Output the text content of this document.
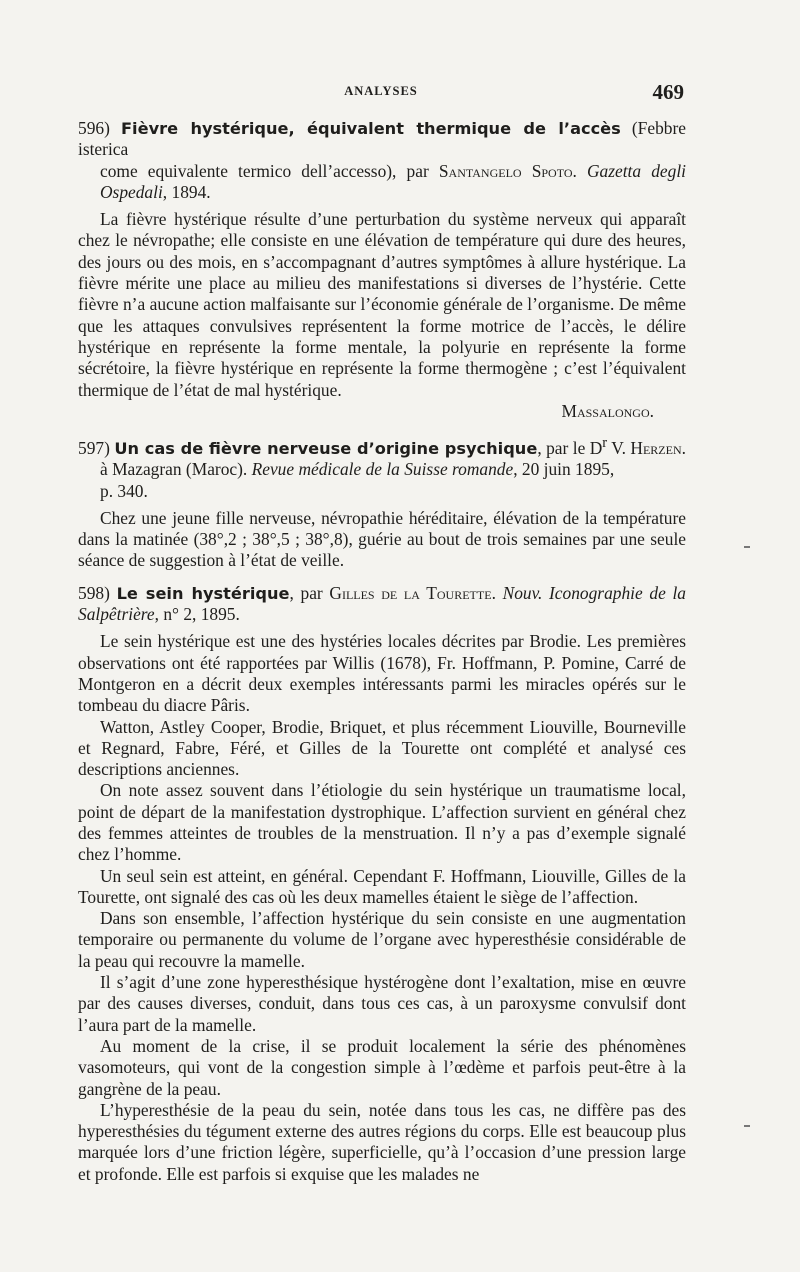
ANALYSES	469

596) Fièvre hystérique, équivalent thermique de l’accès (Febbre isterica

come equivalente termico dell’accesso), par Santangelo Spoto. Gazetta degli Ospedali, 1894.

La fièvre hystérique résulte d’une perturbation du système nerveux qui apparaît chez le névropathe; elle consiste en une élévation de température qui dure des heures, des jours ou des mois, en s’accompagnant d’autres symptômes à allure hystérique. La fièvre mérite une place au milieu des manifestations si diverses de l’hystérie. Cette fièvre n’a aucune action malfaisante sur l’économie générale de l’organisme. De même que les attaques convulsives représentent la forme motrice de l’accès, le délire hystérique en représente la forme mentale, la polyurie en représente la forme sécrétoire, la fièvre hystérique en représente la forme thermogène ; c’est l’équivalent thermique de l’état de mal hystérique.

Massalongo.

597) Un cas de fièvre nerveuse d’origine psychique, par le $D^r$ V. Herzen.

à Mazagran (Maroc). Revue médicale de la Suisse romande, 20 juin 1895,
p. 340.

Chez une jeune fille nerveuse, névropathie héréditaire, élévation de la température dans la matinée (38°,2 ; 38°,5 ; 38°,8), guérie au bout de trois semaines par une seule séance de suggestion à l’état de veille.

598) Le sein hystérique, par Gilles de la Tourette. Nouv. Iconographie de la Salpêtrière, n° 2, 1895.

Le sein hystérique est une des hystéries locales décrites par Brodie. Les premières observations ont été rapportées par Willis (1678), Fr. Hoffmann, P. Pomine, Carré de Montgeron en a décrit deux exemples intéressants parmi les miracles opérés sur le tombeau du diacre Pâris.

Watton, Astley Cooper, Brodie, Briquet, et plus récemment Liouville, Bourneville et Regnard, Fabre, Féré, et Gilles de la Tourette ont complété et analysé ces descriptions anciennes.

On note assez souvent dans l’étiologie du sein hystérique un traumatisme local, point de départ de la manifestation dystrophique. L’affection survient en général chez des femmes atteintes de troubles de la menstruation. Il n’y a pas d’exemple signalé chez l’homme.

Un seul sein est atteint, en général. Cependant F. Hoffmann, Liouville, Gilles de la Tourette, ont signalé des cas où les deux mamelles étaient le siège de l’affection.

Dans son ensemble, l’affection hystérique du sein consiste en une augmentation temporaire ou permanente du volume de l’organe avec hyperesthésie considérable de la peau qui recouvre la mamelle.

Il s’agit d’une zone hyperesthésique hystérogène dont l’exaltation, mise en œuvre par des causes diverses, conduit, dans tous ces cas, à un paroxysme convulsif dont l’aura part de la mamelle.

Au moment de la crise, il se produit localement la série des phénomènes vasomoteurs, qui vont de la congestion simple à l’œdème et parfois peut-être à la gangrène de la peau.

L’hyperesthésie de la peau du sein, notée dans tous les cas, ne diffère pas des hyperesthésies du tégument externe des autres régions du corps. Elle est beaucoup plus marquée lors d’une friction légère, superficielle, qu’à l’occasion d’une pression large et profonde. Elle est parfois si exquise que les malades ne
